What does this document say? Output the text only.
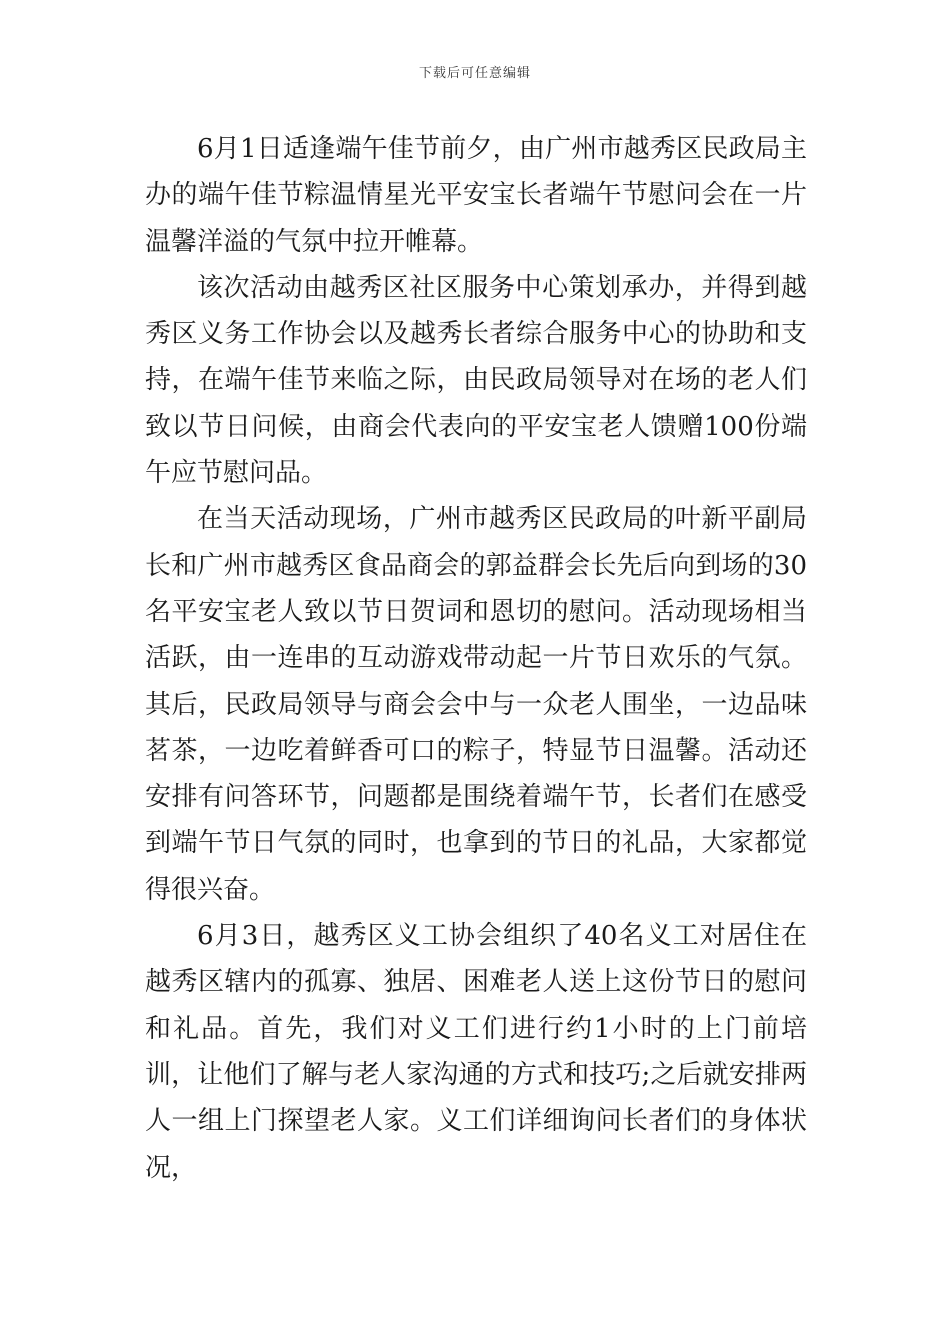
下载后可任意编辑

6月1日适逢端午佳节前夕，由广州市越秀区民政局主办的端午佳节粽温情星光平安宝长者端午节慰问会在一片温馨洋溢的气氛中拉开帷幕。

该次活动由越秀区社区服务中心策划承办，并得到越秀区义务工作协会以及越秀长者综合服务中心的协助和支持，在端午佳节来临之际，由民政局领导对在场的老人们致以节日问候，由商会代表向的平安宝老人馈赠100份端午应节慰问品。

在当天活动现场，广州市越秀区民政局的叶新平副局长和广州市越秀区食品商会的郭益群会长先后向到场的30名平安宝老人致以节日贺词和恩切的慰问。活动现场相当活跃，由一连串的互动游戏带动起一片节日欢乐的气氛。其后，民政局领导与商会会中与一众老人围坐，一边品味茗茶，一边吃着鲜香可口的粽子，特显节日温馨。活动还安排有问答环节，问题都是围绕着端午节，长者们在感受到端午节日气氛的同时，也拿到的节日的礼品，大家都觉得很兴奋。

6月3日，越秀区义工协会组织了40名义工对居住在越秀区辖内的孤寡、独居、困难老人送上这份节日的慰问和礼品。首先，我们对义工们进行约1小时的上门前培训，让他们了解与老人家沟通的方式和技巧;之后就安排两人一组上门探望老人家。义工们详细询问长者们的身体状况，
